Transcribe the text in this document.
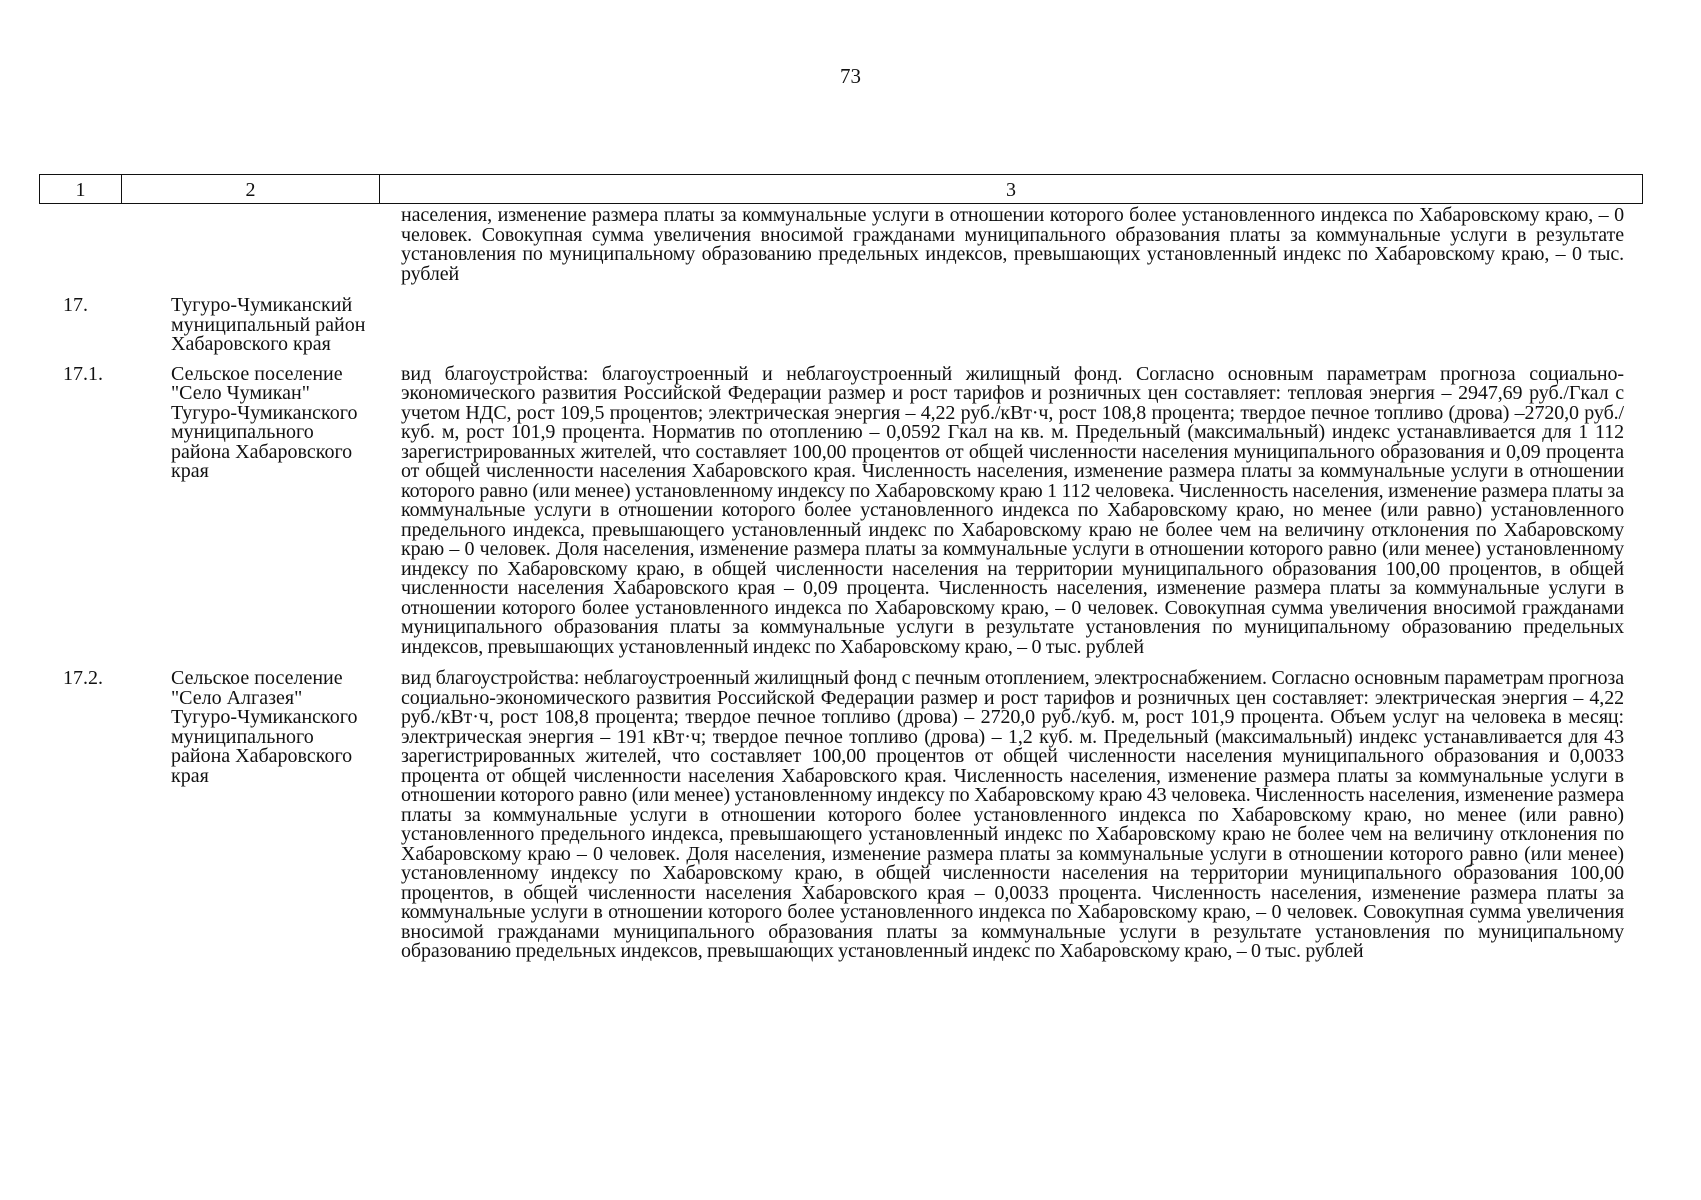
73
1	2	3
населения, изменение размера платы за коммунальные услуги в отношении которого более установленного индекса по Хабаровскому краю, – 0 человек. Совокупная сумма увеличения вносимой гражданами муниципального образования платы за коммунальные услуги в результате установления по муниципальному образованию предельных индексов, превышающих установленный индекс по Хабаровскому краю, – 0 тыс. рублей
17.	Тугуро-Чумиканский
муниципальный район
Хабаровского края
17.1.	Сельское поселение
"Село Чумикан"
Тугуро-Чумиканского
муниципального
района Хабаровского
края
вид благоустройства: благоустроенный и неблагоустроенный жилищный фонд. Согласно основным параметрам прогноза социально-экономического развития Российской Федерации размер и рост тарифов и розничных цен составляет: тепловая энергия – 2947,69 руб./Гкал с учетом НДС, рост 109,5 процентов; электрическая энергия – 4,22 руб./кВт·ч, рост 108,8 процента; твердое печное топливо (дрова) –2720,0 руб./куб. м, рост 101,9 процента. Норматив по отоплению – 0,0592 Гкал на кв. м. Предельный (максимальный) индекс устанавливается для 1 112 зарегистрированных жителей, что составляет 100,00 процентов от общей численности населения муниципального образования и 0,09 процента от общей численности населения Хабаровского края. Численность населения, изменение размера платы за коммунальные услуги в отношении которого равно (или менее) установленному индексу по Хабаровскому краю 1 112 человека. Численность населения, изменение размера платы за коммунальные услуги в отношении которого более установленного индекса по Хабаровскому краю, но менее (или равно) установленного предельного индекса, превышающего установленный индекс по Хабаровскому краю не более чем на величину отклонения по Хабаровскому краю – 0 человек. Доля населения, изменение размера платы за коммунальные услуги в отношении которого равно (или менее) установленному индексу по Хабаровскому краю, в общей численности населения на территории муниципального образования 100,00 процентов, в общей численности населения Хабаровского края – 0,09 процента. Численность населения, изменение размера платы за коммунальные услуги в отношении которого более установленного индекса по Хабаровскому краю, – 0 человек. Совокупная сумма увеличения вносимой гражданами муниципального образования платы за коммунальные услуги в результате установления по муниципальному образованию предельных индексов, превышающих установленный индекс по Хабаровскому краю, – 0 тыс. рублей
17.2.	Сельское поселение
"Село Алгазея"
Тугуро-Чумиканского
муниципального
района Хабаровского
края
вид благоустройства: неблагоустроенный жилищный фонд с печным отоплением, электроснабжением. Согласно основным параметрам прогноза социально-экономического развития Российской Федерации размер и рост тарифов и розничных цен составляет: электрическая энергия – 4,22 руб./кВт·ч, рост 108,8 процента; твердое печное топливо (дрова) – 2720,0 руб./куб. м, рост 101,9 процента. Объем услуг на человека в месяц: электрическая энергия – 191 кВт·ч; твердое печное топливо (дрова) – 1,2 куб. м. Предельный (максимальный) индекс устанавливается для 43 зарегистрированных жителей, что составляет 100,00 процентов от общей численности населения муниципального образования и 0,0033 процента от общей численности населения Хабаровского края. Численность населения, изменение размера платы за коммунальные услуги в отношении которого равно (или менее) установленному индексу по Хабаровскому краю 43 человека. Численность населения, изменение размера платы за коммунальные услуги в отношении которого более установленного индекса по Хабаровскому краю, но менее (или равно) установленного предельного индекса, превышающего установленный индекс по Хабаровскому краю не более чем на величину отклонения по Хабаровскому краю – 0 человек. Доля населения, изменение размера платы за коммунальные услуги в отношении которого равно (или менее) установленному индексу по Хабаровскому краю, в общей численности населения на территории муниципального образования 100,00 процентов, в общей численности населения Хабаровского края – 0,0033 процента. Численность населения, изменение размера платы за коммунальные услуги в отношении которого более установленного индекса по Хабаровскому краю, – 0 человек. Совокупная сумма увеличения вносимой гражданами муниципального образования платы за коммунальные услуги в результате установления по муниципальному образованию предельных индексов, превышающих установленный индекс по Хабаровскому краю, – 0 тыс. рублей
